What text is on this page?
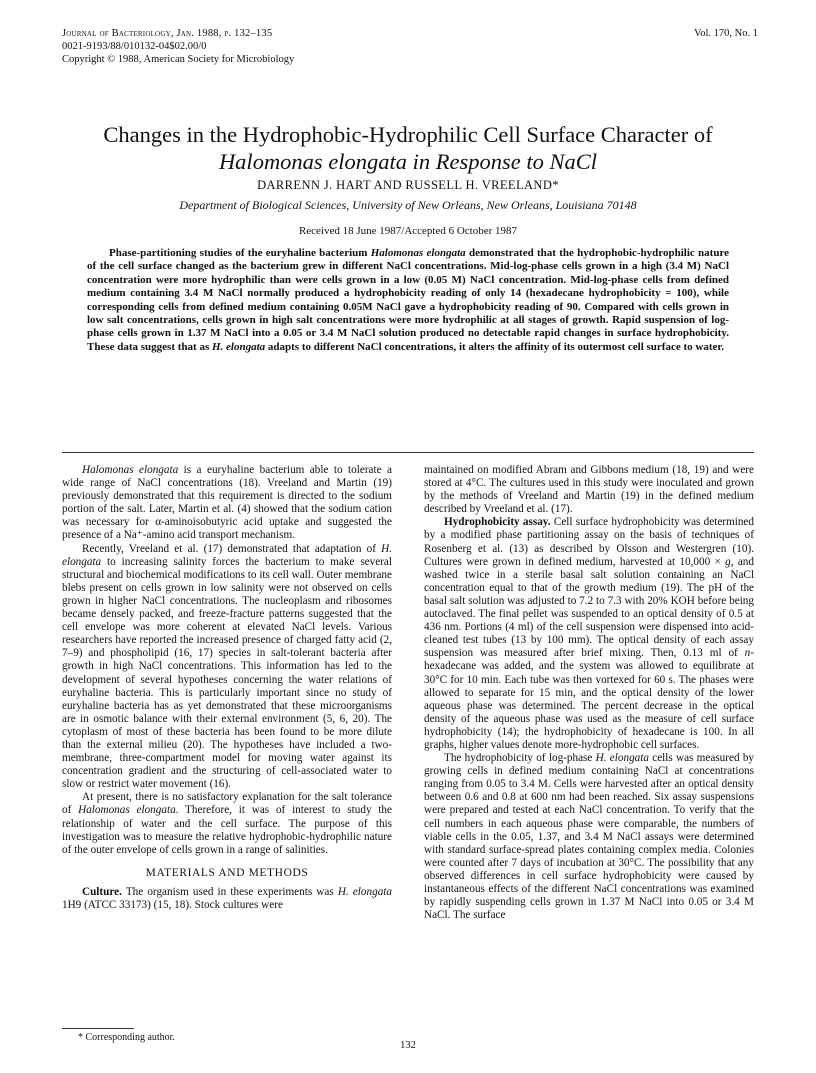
Journal of Bacteriology, Jan. 1988, p. 132–135
0021-9193/88/010132-04$02.00/0
Copyright © 1988, American Society for Microbiology
Vol. 170, No. 1
Changes in the Hydrophobic-Hydrophilic Cell Surface Character of
Halomonas elongata in Response to NaCl
DARRENN J. HART AND RUSSELL H. VREELAND*
Department of Biological Sciences, University of New Orleans, New Orleans, Louisiana 70148
Received 18 June 1987/Accepted 6 October 1987
Phase-partitioning studies of the euryhaline bacterium Halomonas elongata demonstrated that the hydrophobic-hydrophilic nature of the cell surface changed as the bacterium grew in different NaCl concentrations. Mid-log-phase cells grown in a high (3.4 M) NaCl concentration were more hydrophilic than were cells grown in a low (0.05 M) NaCl concentration. Mid-log-phase cells from defined medium containing 3.4 M NaCl normally produced a hydrophobicity reading of only 14 (hexadecane hydrophobicity = 100), while corresponding cells from defined medium containing 0.05M NaCl gave a hydrophobicity reading of 90. Compared with cells grown in low salt concentrations, cells grown in high salt concentrations were more hydrophilic at all stages of growth. Rapid suspension of log-phase cells grown in 1.37 M NaCl into a 0.05 or 3.4 M NaCl solution produced no detectable rapid changes in surface hydrophobicity. These data suggest that as H. elongata adapts to different NaCl concentrations, it alters the affinity of its outermost cell surface to water.

Halomonas elongata is a euryhaline bacterium able to tolerate a wide range of NaCl concentrations (18). Vreeland and Martin (19) previously demonstrated that this requirement is directed to the sodium portion of the salt. Later, Martin et al. (4) showed that the sodium cation was necessary for α-aminoisobutyric acid uptake and suggested the presence of a Na⁺-amino acid transport mechanism.

Recently, Vreeland et al. (17) demonstrated that adaptation of H. elongata to increasing salinity forces the bacterium to make several structural and biochemical modifications to its cell wall. Outer membrane blebs present on cells grown in low salinity were not observed on cells grown in higher NaCl concentrations. The nucleoplasm and ribosomes became densely packed, and freeze-fracture patterns suggested that the cell envelope was more coherent at elevated NaCl levels. Various researchers have reported the increased presence of charged fatty acid (2, 7–9) and phospholipid (16, 17) species in salt-tolerant bacteria after growth in high NaCl concentrations. This information has led to the development of several hypotheses concerning the water relations of euryhaline bacteria. This is particularly important since no study of euryhaline bacteria has as yet demonstrated that these microorganisms are in osmotic balance with their external environment (5, 6, 20). The cytoplasm of most of these bacteria has been found to be more dilute than the external milieu (20). The hypotheses have included a two-membrane, three-compartment model for moving water against its concentration gradient and the structuring of cell-associated water to slow or restrict water movement (16).

At present, there is no satisfactory explanation for the salt tolerance of Halomonas elongata. Therefore, it was of interest to study the relationship of water and the cell surface. The purpose of this investigation was to measure the relative hydrophobic-hydrophilic nature of the outer envelope of cells grown in a range of salinities.

MATERIALS AND METHODS

Culture. The organism used in these experiments was H. elongata 1H9 (ATCC 33173) (15, 18). Stock cultures were

maintained on modified Abram and Gibbons medium (18, 19) and were stored at 4°C. The cultures used in this study were inoculated and grown by the methods of Vreeland and Martin (19) in the defined medium described by Vreeland et al. (17).

Hydrophobicity assay. Cell surface hydrophobicity was determined by a modified phase partitioning assay on the basis of techniques of Rosenberg et al. (13) as described by Olsson and Westergren (10). Cultures were grown in defined medium, harvested at 10,000 × g, and washed twice in a sterile basal salt solution containing an NaCl concentration equal to that of the growth medium (19). The pH of the basal salt solution was adjusted to 7.2 to 7.3 with 20% KOH before being autoclaved. The final pellet was suspended to an optical density of 0.5 at 436 nm. Portions (4 ml) of the cell suspension were dispensed into acid-cleaned test tubes (13 by 100 mm). The optical density of each assay suspension was measured after brief mixing. Then, 0.13 ml of n-hexadecane was added, and the system was allowed to equilibrate at 30°C for 10 min. Each tube was then vortexed for 60 s. The phases were allowed to separate for 15 min, and the optical density of the lower aqueous phase was determined. The percent decrease in the optical density of the aqueous phase was used as the measure of cell surface hydrophobicity (14); the hydrophobicity of hexadecane is 100. In all graphs, higher values denote more-hydrophobic cell surfaces.

The hydrophobicity of log-phase H. elongata cells was measured by growing cells in defined medium containing NaCl at concentrations ranging from 0.05 to 3.4 M. Cells were harvested after an optical density between 0.6 and 0.8 at 600 nm had been reached. Six assay suspensions were prepared and tested at each NaCl concentration. To verify that the cell numbers in each aqueous phase were comparable, the numbers of viable cells in the 0.05, 1.37, and 3.4 M NaCl assays were determined with standard surface-spread plates containing complex media. Colonies were counted after 7 days of incubation at 30°C. The possibility that any observed differences in cell surface hydrophobicity were caused by instantaneous effects of the different NaCl concentrations was examined by rapidly suspending cells grown in 1.37 M NaCl into 0.05 or 3.4 M NaCl. The surface

* Corresponding author.
132
